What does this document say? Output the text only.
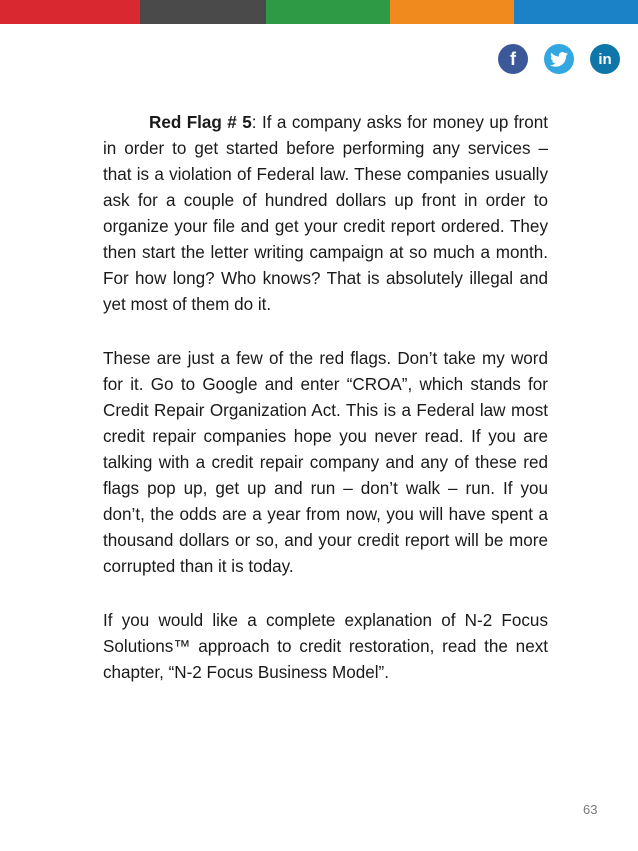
f	in

Red Flag # 5: If a company asks for money up front in order to get started before performing any services – that is a violation of Federal law. These companies usually ask for a couple of hundred dollars up front in order to organize your file and get your credit report ordered. They then start the letter writing campaign at so much a month. For how long? Who knows? That is absolutely illegal and yet most of them do it.

These are just a few of the red flags. Don’t take my word for it. Go to Google and enter “CROA”, which stands for Credit Repair Organization Act. This is a Federal law most credit repair companies hope you never read. If you are talking with a credit repair company and any of these red flags pop up, get up and run – don’t walk – run. If you don’t, the odds are a year from now, you will have spent a thousand dollars or so, and your credit report will be more corrupted than it is today.

If you would like a complete explanation of N-2 Focus Solutions™ approach to credit restoration, read the next chapter, “N-2 Focus Business Model”.

63
